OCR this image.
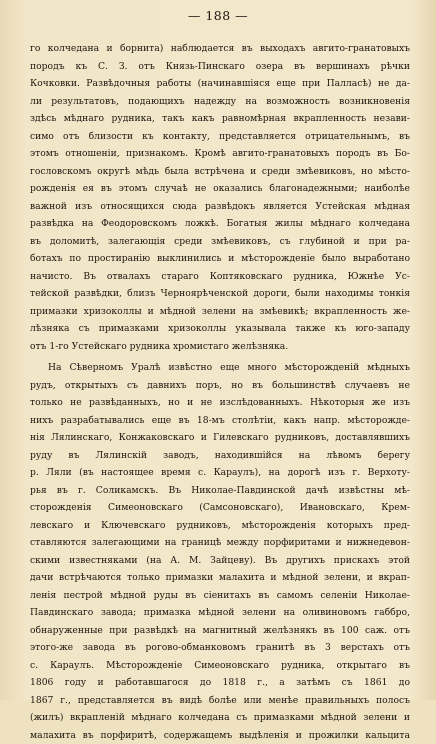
— 188 —
го колчедана и борнита) наблюдается въ выходахъ авгито-гранатовыхъ
породъ къ С. З. отъ Князь-Пинскаго озера въ вершинахъ рѣчки
Кочковки. Развѣдочныя работы (начинавшіяся еще при Палласѣ) не да-
ли результатовъ, подающихъ надежду на возможность возникновенія
здѣсь мѣднаго рудника, такъ какъ равномѣрная вкрапленность незави-
симо отъ близости къ контакту, представляется отрицательнымъ, въ
этомъ отношеніи, признакомъ. Кромѣ авгито-гранатовыхъ породъ въ Бо-
гословскомъ округѣ мѣдь была встрѣчена и среди змѣевиковъ, но мѣсто-
рожденія ея въ этомъ случаѣ не оказались благонадежными; наиболѣе
важной изъ относящихся сюда развѣдокъ является Устейская мѣдная
развѣдка на Феодоровскомъ ложкѣ. Богатыя жилы мѣднаго колчедана
въ доломитѣ, залегающія среди змѣевиковъ, съ глубиной и при ра-
ботахъ по простиранію выклинились и мѣсторожденіе было выработано
начисто. Въ отвалахъ стараго Коптяковскаго рудника, Южнѣе Ус-
тейской развѣдки, близъ Черноярѣченской дороги, были находимы тонкія
примазки хризоколлы и мѣдной зелени на змѣевикѣ; вкрапленность же-
лѣзняка съ примазками хризоколлы указывала также къ юго-западу
отъ 1-го Устейскаго рудника хромистаго желѣзняка.
На Сѣверномъ Уралѣ извѣстно еще много мѣсторожденій мѣдныхъ
рудъ, открытыхъ съ давнихъ поръ, но въ большинствѣ случаевъ не
только не развѣданныхъ, но и не изслѣдованныхъ. Нѣкоторыя же изъ
нихъ разрабатывались еще въ 18-мъ столѣтіи, какъ напр. мѣсторожде-
нія Лялинскаго, Конжаковскаго и Гилевскаго рудниковъ, доставлявшихъ
руду въ Лялинскій заводъ, находившійся на лѣвомъ берегу
р. Ляли (въ настоящее время с. Караулъ), на дорогѣ изъ г. Верхоту-
рья въ г. Соликамскъ. Въ Николае-Павдинской дачѣ извѣстны мѣ-
сторожденія Симеоновскаго (Самсоновскаго), Ивановскаго, Крем-
левскаго и Ключевскаго рудниковъ, мѣсторожденія которыхъ пред-
ставляются залегающими на границѣ между порфиритами и нижнедевон-
скими известняками (на А. М. Зайцеву). Въ другихъ прискахъ этой
дачи встрѣчаются только примазки малахита и мѣдной зелени, и вкрап-
ленія пестрой мѣдной руды въ сіенитахъ въ самомъ селеніи Николае-
Павдинскаго завода; примазка мѣдной зелени на оливиновомъ габбро,
обнаруженные при развѣдкѣ на магнитный желѣзнякъ въ 100 саж. отъ
этого-же завода въ рогово-обманковомъ гранитѣ въ 3 верстахъ отъ
с. Караулъ. Мѣсторожденіе Симеоновскаго рудника, открытаго въ
1806 году и работавшагося до 1818 г., а затѣмъ съ 1861 до
1867 г., представляется въ видѣ болѣе или менѣе правильныхъ полосъ
(жилъ) вкрапленій мѣднаго колчедана съ примазками мѣдной зелени и
малахита въ порфиритѣ, содержащемъ выдѣленія и прожилки кальцита
